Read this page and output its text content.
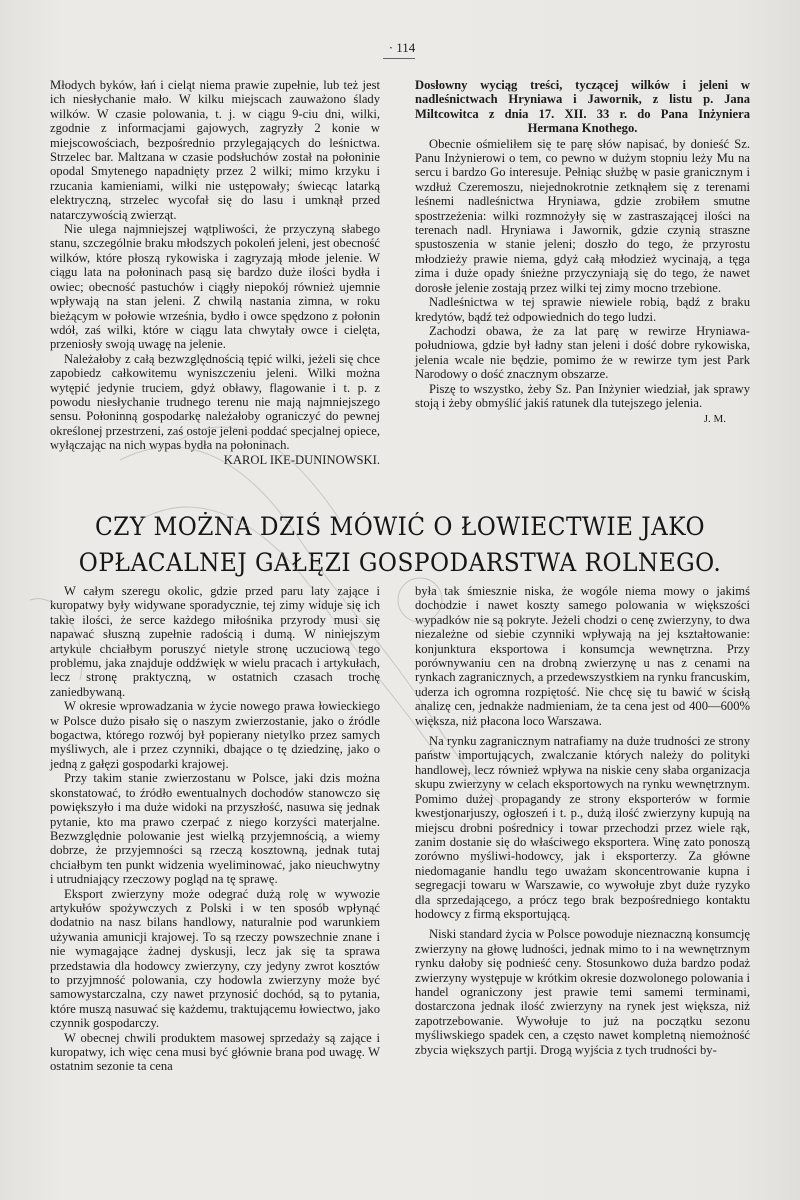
· 114

Młodych byków, łań i cieląt niema prawie zupełnie, lub też jest ich niesłychanie mało. W kilku miejscach zauważono ślady wilków. W czasie polowania, t. j. w ciągu 9-ciu dni, wilki, zgodnie z informacjami gajowych, zagryzły 2 konie w miejscowościach, bezpośrednio przylegających do leśnictwa. Strzelec bar. Maltzana w czasie podsłuchów został na połoninie opodal Smytenego napadnięty przez 2 wilki; mimo krzyku i rzucania kamieniami, wilki nie ustępowały; świecąc latarką elektryczną, strzelec wycofał się do lasu i umknął przed natarczywością zwierząt.

Nie ulega najmniejszej wątpliwości, że przyczyną słabego stanu, szczególnie braku młodszych pokoleń jeleni, jest obecność wilków, które płoszą rykowiska i zagryzają młode jelenie. W ciągu lata na połoninach pasą się bardzo duże ilości bydła i owiec; obecność pastuchów i ciągły niepokój również ujemnie wpływają na stan jeleni. Z chwilą nastania zimna, w roku bieżącym w połowie września, bydło i owce spędzono z połonin wdół, zaś wilki, które w ciągu lata chwytały owce i cielęta, przeniosły swoją uwagę na jelenie.

Należałoby z całą bezwzględnością tępić wilki, jeżeli się chce zapobiedz całkowitemu wyniszczeniu jeleni. Wilki można wytępić jedynie truciem, gdyż obławy, flagowanie i t. p. z powodu niesłychanie trudnego terenu nie mają najmniejszego sensu. Połoninną gospodarkę należałoby ograniczyć do pewnej określonej przestrzeni, zaś ostoje jeleni poddać specjalnej opiece, wyłączając na nich wypas bydła na połoninach.

KAROL IKE-DUNINOWSKI.

Dosłowny wyciąg treści, tyczącej wilków i jeleni w
nadleśnictwach Hryniawa i Jawornik, z listu p. Jana
Miltcowitca z dnia 17. XII. 33 r. do Pana Inżyniera
Hermana Knothego.

Obecnie ośmieliłem się te parę słów napisać, by donieść Sz. Panu Inżynierowi o tem, co pewno w dużym stopniu leży Mu na sercu i bardzo Go interesuje. Pełniąc służbę w pasie granicznym i wzdłuż Czeremoszu, niejednokrotnie zetknąłem się z terenami leśnemi nadleśnictwa Hryniawa, gdzie zrobiłem smutne spostrzeżenia: wilki rozmnożyły się w zastraszającej ilości na terenach nadl. Hryniawa i Jawornik, gdzie czynią straszne spustoszenia w stanie jeleni; doszło do tego, że przyrostu młodzieży prawie niema, gdyż całą młodzież wycinają, a tęga zima i duże opady śnieżne przyczyniają się do tego, że nawet dorosłe jelenie zostają przez wilki tej zimy mocno trzebione.

Nadleśnictwa w tej sprawie niewiele robią, bądź z braku kredytów, bądź też odpowiednich do tego ludzi.

Zachodzi obawa, że za lat parę w rewirze Hryniawa-południowa, gdzie był ładny stan jeleni i dość dobre rykowiska, jelenia wcale nie będzie, pomimo że w rewirze tym jest Park Narodowy o dość znacznym obszarze.

Piszę to wszystko, żeby Sz. Pan Inżynier wiedział, jak sprawy stoją i żeby obmyślić jakiś ratunek dla tutejszego jelenia.

J. M.
CZY MOŻNA DZIŚ MÓWIĆ O ŁOWIECTWIE JAKO
OPŁACALNEJ GAŁĘZI GOSPODARSTWA ROLNEGO.

W całym szeregu okolic, gdzie przed paru laty zające i kuropatwy były widywane sporadycznie, tej zimy widuje się ich takie ilości, że serce każdego miłośnika przyrody musi się napawać słuszną zupełnie radością i dumą. W niniejszym artykule chciałbym poruszyć nietyle stronę uczuciową tego problemu, jaka znajduje oddźwięk w wielu pracach i artykułach, lecz stronę praktyczną, w ostatnich czasach trochę zaniedbywaną.

W okresie wprowadzania w życie nowego prawa łowieckiego w Polsce dużo pisało się o naszym zwierzostanie, jako o źródle bogactwa, którego rozwój był popierany nietylko przez samych myśliwych, ale i przez czynniki, dbające o tę dziedzinę, jako o jedną z gałęzi gospodarki krajowej.

Przy takim stanie zwierzostanu w Polsce, jaki dzis można skonstatować, to źródło ewentualnych dochodów stanowczo się powiększyło i ma duże widoki na przyszłość, nasuwa się jednak pytanie, kto ma prawo czerpać z niego korzyści materjalne. Bezwzględnie polowanie jest wielką przyjemnością, a wiemy dobrze, że przyjemności są rzeczą kosztowną, jednak tutaj chciałbym ten punkt widzenia wyeliminować, jako nieuchwytny i utrudniający rzeczowy pogląd na tę sprawę.

Eksport zwierzyny może odegrać dużą rolę w wywozie artykułów spożywczych z Polski i w ten sposób wpłynąć dodatnio na nasz bilans handlowy, naturalnie pod warunkiem używania amunicji krajowej. To są rzeczy powszechnie znane i nie wymagające żadnej dyskusji, lecz jak się ta sprawa przedstawia dla hodowcy zwierzyny, czy jedyny zwrot kosztów to przyjmność polowania, czy hodowla zwierzyny może być samowystarczalna, czy nawet przynosić dochód, są to pytania, które muszą nasuwać się każdemu, traktującemu łowiectwo, jako czynnik gospodarczy.

W obecnej chwili produktem masowej sprzedaży są zające i kuropatwy, ich więc cena musi być głównie brana pod uwagę. W ostatnim sezonie ta cena

była tak śmiesznie niska, że wogóle niema mowy o jakimś dochodzie i nawet koszty samego polowania w większości wypadków nie są pokryte. Jeżeli chodzi o cenę zwierzyny, to dwa niezależne od siebie czynniki wpływają na jej kształtowanie: konjunktura eksportowa i konsumcja wewnętrzna. Przy porównywaniu cen na drobną zwierzynę u nas z cenami na rynkach zagranicznych, a przedewszystkiem na rynku francuskim, uderza ich ogromna rozpiętość. Nie chcę się tu bawić w ścisłą analizę cen, jednakże nadmieniam, że ta cena jest od 400—600% większa, niż płacona loco Warszawa.

Na rynku zagranicznym natrafiamy na duże trudności ze strony państw importujących, zwalczanie których należy do polityki handlowej, lecz również wpływa na niskie ceny słaba organizacja skupu zwierzyny w celach eksportowych na rynku wewnętrznym. Pomimo dużej propagandy ze strony eksporterów w formie kwestjonarjuszy, ogłoszeń i t. p., dużą ilość zwierzyny kupują na miejscu drobni pośrednicy i towar przechodzi przez wiele rąk, zanim dostanie się do właściwego eksportera. Winę zato ponoszą zorówno myśliwi-hodowcy, jak i eksporterzy. Za główne niedomaganie handlu tego uważam skoncentrowanie kupna i segregacji towaru w Warszawie, co wywołuje zbyt duże ryzyko dla sprzedającego, a prócz tego brak bezpośredniego kontaktu hodowcy z firmą eksportującą.

Niski standard życia w Polsce powoduje nieznaczną konsumcję zwierzyny na głowę ludności, jednak mimo to i na wewnętrznym rynku dałoby się podnieść ceny. Stosunkowo duża bardzo podaż zwierzyny występuje w krótkim okresie dozwolonego polowania i handel ograniczony jest prawie temi samemi terminami, dostarczona jednak ilość zwierzyny na rynek jest większa, niż zapotrzebowanie. Wywołuje to już na początku sezonu myśliwskiego spadek cen, a często nawet kompletną niemożność zbycia większych partji. Drogą wyjścia z tych trudności by-
